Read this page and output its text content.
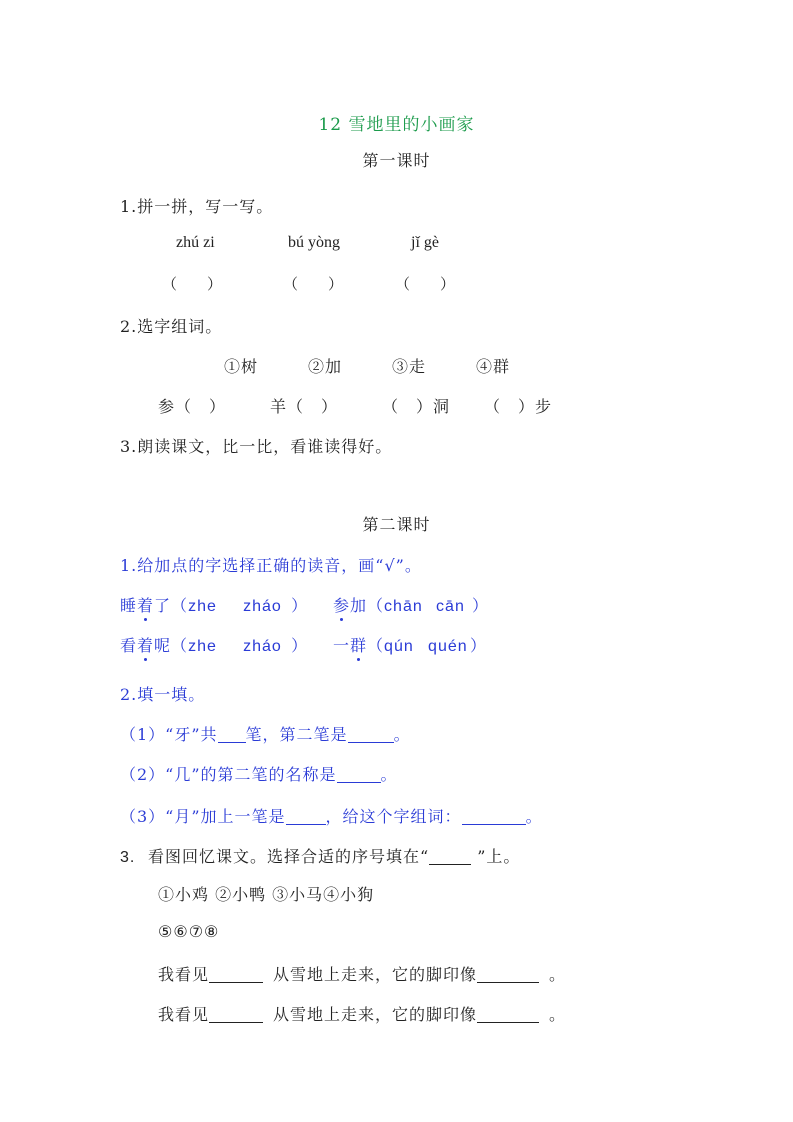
12 雪地里的小画家
第一课时
1.拼一拼，写一写。
zhú zi	bú yòng	jǐ gè
（　　）	（　　）	（　　）
2.选字组词。
①树	②加	③走	④群
参（　）	羊（　）	（　）洞 （　）步
3.朗读课文，比一比，看谁读得好。
第二课时
1.给加点的字选择正确的读音，画“√”。
睡着了（zhe zháo ） 参加（chān cān ）
看着呢（zhe zháo ） 一群（qún quén ）
2.填一填。
（1）“牙”共 笔，第二笔是	。
（2）“几”的第二笔的名称是	。
（3）“月”加上一笔是	，给这个字组词：	。
3. 看图回忆课文。选择合适的序号填在“	”上。
①小鸡 ②小鸭 ③小马④小狗
⑤⑥⑦⑧
我看见	从雪地上走来，它的脚印像	。
我看见	从雪地上走来，它的脚印像	。
